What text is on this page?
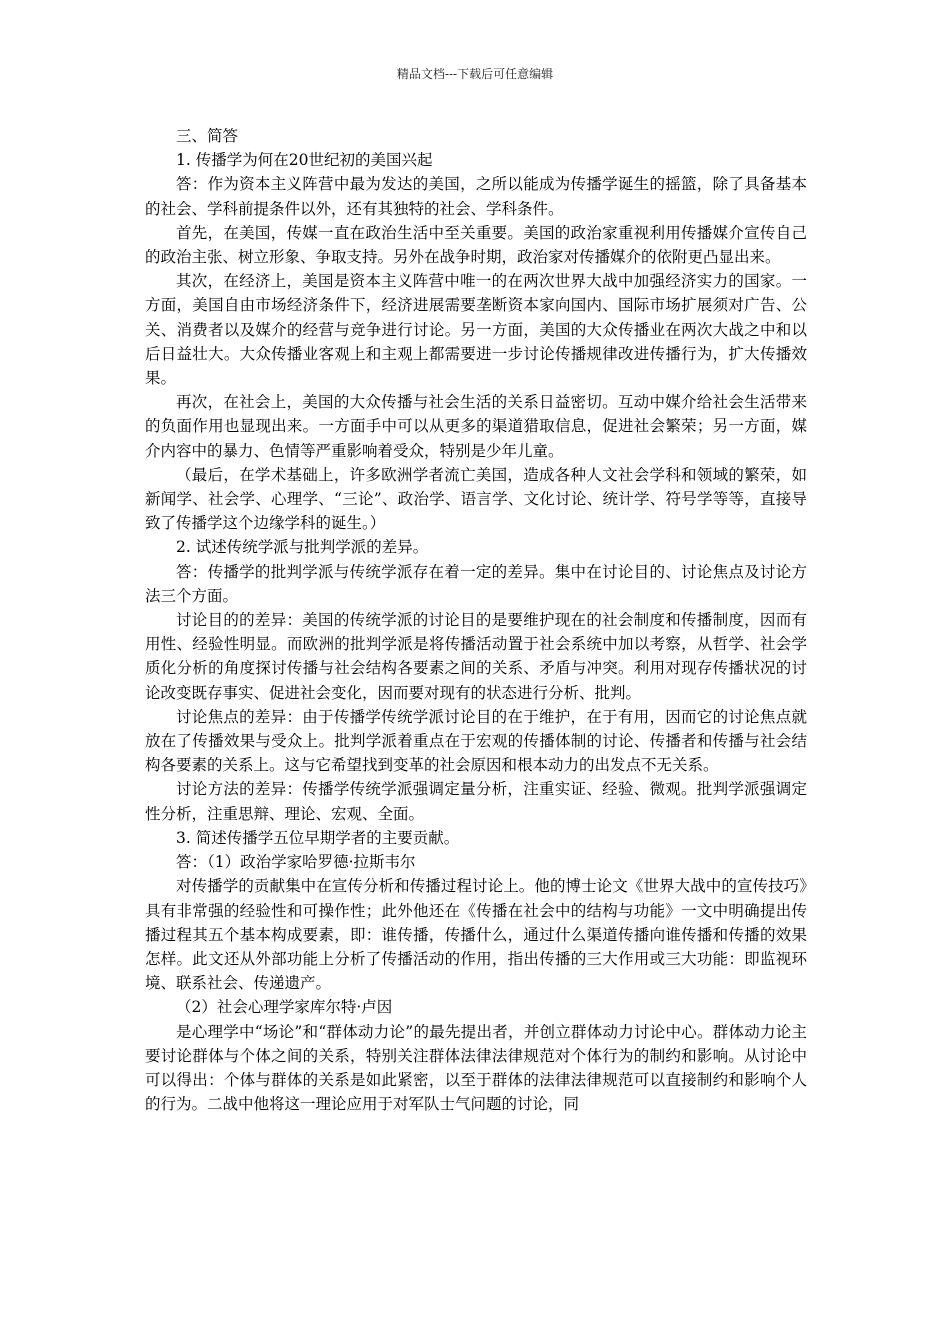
精品文档---下载后可任意编辑

三、简答

1. 传播学为何在20世纪初的美国兴起

答：作为资本主义阵营中最为发达的美国，之所以能成为传播学诞生的摇篮，除了具备基本的社会、学科前提条件以外，还有其独特的社会、学科条件。

首先，在美国，传媒一直在政治生活中至关重要。美国的政治家重视利用传播媒介宣传自己的政治主张、树立形象、争取支持。另外在战争时期，政治家对传播媒介的依附更凸显出来。

其次，在经济上，美国是资本主义阵营中唯一的在两次世界大战中加强经济实力的国家。一方面，美国自由市场经济条件下，经济进展需要垄断资本家向国内、国际市场扩展须对广告、公关、消费者以及媒介的经营与竞争进行讨论。另一方面，美国的大众传播业在两次大战之中和以后日益壮大。大众传播业客观上和主观上都需要进一步讨论传播规律改进传播行为，扩大传播效果。

再次，在社会上，美国的大众传播与社会生活的关系日益密切。互动中媒介给社会生活带来的负面作用也显现出来。一方面手中可以从更多的渠道猎取信息，促进社会繁荣；另一方面，媒介内容中的暴力、色情等严重影响着受众，特别是少年儿童。

（最后，在学术基础上，许多欧洲学者流亡美国，造成各种人文社会学科和领域的繁荣，如新闻学、社会学、心理学、“三论”、政治学、语言学、文化讨论、统计学、符号学等等，直接导致了传播学这个边缘学科的诞生。）

2. 试述传统学派与批判学派的差异。

答：传播学的批判学派与传统学派存在着一定的差异。集中在讨论目的、讨论焦点及讨论方法三个方面。

讨论目的的差异：美国的传统学派的讨论目的是要维护现在的社会制度和传播制度，因而有用性、经验性明显。而欧洲的批判学派是将传播活动置于社会系统中加以考察，从哲学、社会学质化分析的角度探讨传播与社会结构各要素之间的关系、矛盾与冲突。利用对现存传播状况的讨论改变既存事实、促进社会变化，因而要对现有的状态进行分析、批判。

讨论焦点的差异：由于传播学传统学派讨论目的在于维护，在于有用，因而它的讨论焦点就放在了传播效果与受众上。批判学派着重点在于宏观的传播体制的讨论、传播者和传播与社会结构各要素的关系上。这与它希望找到变革的社会原因和根本动力的出发点不无关系。

讨论方法的差异：传播学传统学派强调定量分析，注重实证、经验、微观。批判学派强调定性分析，注重思辩、理论、宏观、全面。

3. 简述传播学五位早期学者的主要贡献。

答：（1）政治学家哈罗德·拉斯韦尔

对传播学的贡献集中在宣传分析和传播过程讨论上。他的博士论文《世界大战中的宣传技巧》具有非常强的经验性和可操作性；此外他还在《传播在社会中的结构与功能》一文中明确提出传播过程其五个基本构成要素，即：谁传播，传播什么，通过什么渠道传播向谁传播和传播的效果怎样。此文还从外部功能上分析了传播活动的作用，指出传播的三大作用或三大功能：即监视环境、联系社会、传递遗产。

（2）社会心理学家库尔特·卢因

是心理学中“场论”和“群体动力论”的最先提出者，并创立群体动力讨论中心。群体动力论主要讨论群体与个体之间的关系，特别关注群体法律法律规范对个体行为的制约和影响。从讨论中可以得出：个体与群体的关系是如此紧密，以至于群体的法律法律规范可以直接制约和影响个人的行为。二战中他将这一理论应用于对军队士气问题的讨论，同
